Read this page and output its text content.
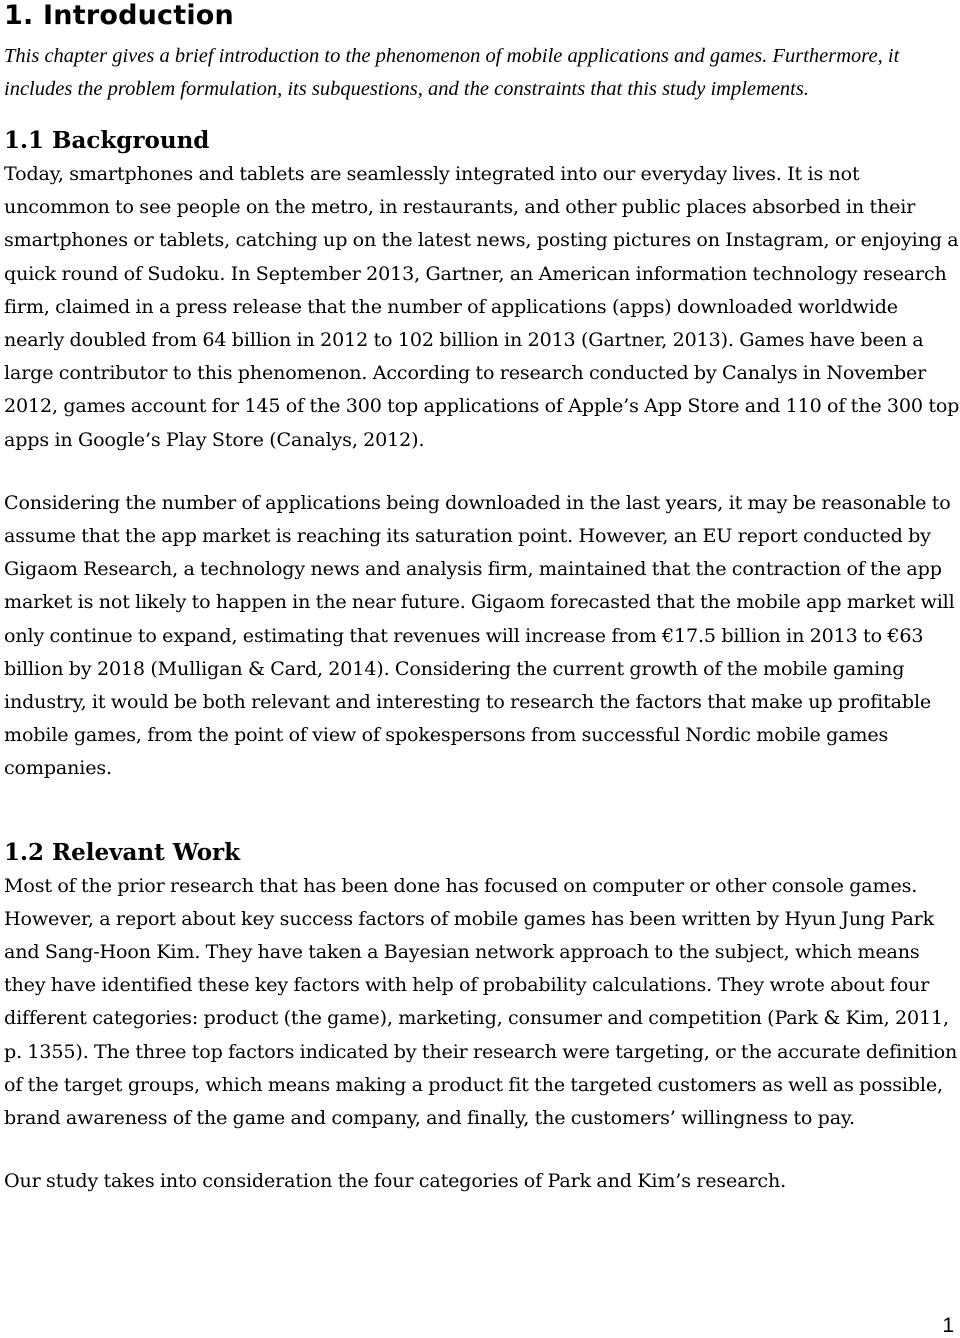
1. Introduction

This chapter gives a brief introduction to the phenomenon of mobile applications and games. Furthermore, it includes the problem formulation, its subquestions, and the constraints that this study implements.

1.1 Background

Today, smartphones and tablets are seamlessly integrated into our everyday lives. It is not uncommon to see people on the metro, in restaurants, and other public places absorbed in their smartphones or tablets, catching up on the latest news, posting pictures on Instagram, or enjoying a quick round of Sudoku. In September 2013, Gartner, an American information technology research firm, claimed in a press release that the number of applications (apps) downloaded worldwide nearly doubled from 64 billion in 2012 to 102 billion in 2013 (Gartner, 2013). Games have been a large contributor to this phenomenon. According to research conducted by Canalys in November 2012, games account for 145 of the 300 top applications of Apple’s App Store and 110 of the 300 top apps in Google’s Play Store (Canalys, 2012).

Considering the number of applications being downloaded in the last years, it may be reasonable to assume that the app market is reaching its saturation point. However, an EU report conducted by Gigaom Research, a technology news and analysis firm, maintained that the contraction of the app market is not likely to happen in the near future. Gigaom forecasted that the mobile app market will only continue to expand, estimating that revenues will increase from €17.5 billion in 2013 to €63 billion by 2018 (Mulligan & Card, 2014). Considering the current growth of the mobile gaming industry, it would be both relevant and interesting to research the factors that make up profitable mobile games, from the point of view of spokespersons from successful Nordic mobile games companies.

1.2 Relevant Work

Most of the prior research that has been done has focused on computer or other console games. However, a report about key success factors of mobile games has been written by Hyun Jung Park and Sang-Hoon Kim. They have taken a Bayesian network approach to the subject, which means they have identified these key factors with help of probability calculations. They wrote about four different categories: product (the game), marketing, consumer and competition (Park & Kim, 2011, p. 1355). The three top factors indicated by their research were targeting, or the accurate definition of the target groups, which means making a product fit the targeted customers as well as possible, brand awareness of the game and company, and finally, the customers’ willingness to pay.

Our study takes into consideration the four categories of Park and Kim’s research.

1
